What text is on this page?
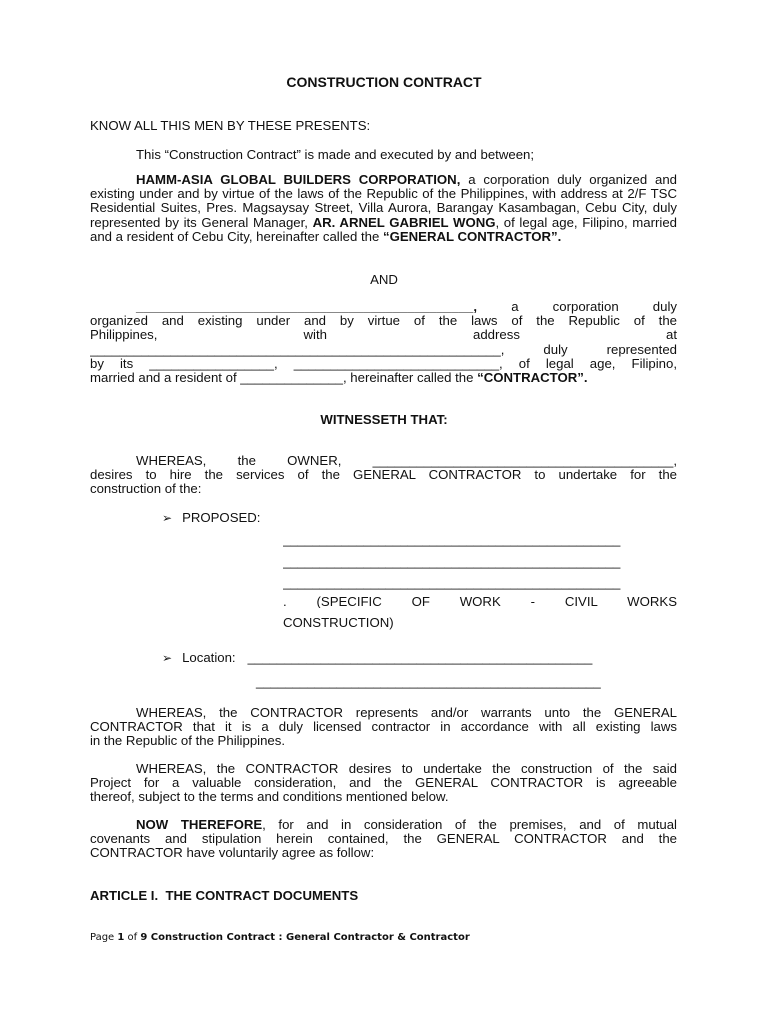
CONSTRUCTION CONTRACT
KNOW ALL THIS MEN BY THESE PRESENTS:
This “Construction Contract” is made and executed by and between;

HAMM-ASIA GLOBAL BUILDERS CORPORATION, a corporation duly organized and existing under and by virtue of the laws of the Republic of the Philippines, with address at 2/F TSC Residential Suites, Pres. Magsaysay Street, Villa Aurora, Barangay Kasambagan, Cebu City, duly represented by its General Manager, AR. ARNEL GABRIEL WONG, of legal age, Filipino, married and a resident of Cebu City, hereinafter called the “GENERAL CONTRACTOR”.

AND
______________________________________________, a corporation duly
organized and existing under and by virtue of the laws of the Republic of the
Philippines, with address at
________________________________________________________, duly represented
by its _________________, ____________________________, of legal age, Filipino,
married and a resident of ______________, hereinafter called the “CONTRACTOR”.
WITNESSETH THAT:
WHEREAS, the OWNER, _________________________________________,
desires to hire the services of the GENERAL CONTRACTOR to undertake for the
construction of the:
➢ PROPOSED:
______________________________________________
______________________________________________
______________________________________________
. (SPECIFIC OF WORK - CIVIL WORKS
CONSTRUCTION)
➢ Location: _______________________________________________
_______________________________________________
WHEREAS, the CONTRACTOR represents and/or warrants unto the GENERAL
CONTRACTOR that it is a duly licensed contractor in accordance with all existing laws
in the Republic of the Philippines.
WHEREAS, the CONTRACTOR desires to undertake the construction of the said
Project for a valuable consideration, and the GENERAL CONTRACTOR is agreeable
thereof, subject to the terms and conditions mentioned below.
NOW THEREFORE, for and in consideration of the premises, and of mutual
covenants and stipulation herein contained, the GENERAL CONTRACTOR and the
CONTRACTOR have voluntarily agree as follow:
ARTICLE I.  THE CONTRACT DOCUMENTS
Page 1 of 9 Construction Contract : General Contractor & Contractor
